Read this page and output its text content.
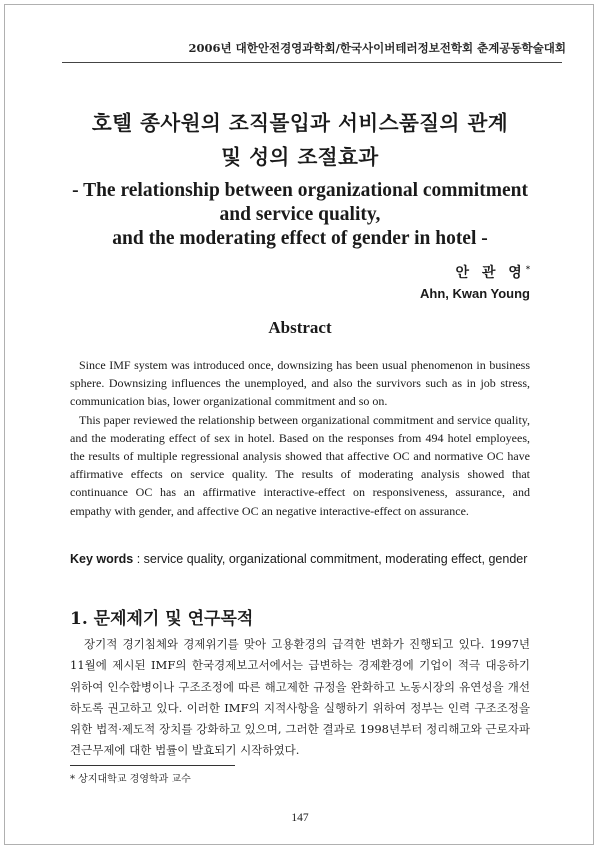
2006년 대한안전경영과학회/한국사이버테러정보전학회 춘계공동학술대회
호텔 종사원의 조직몰입과 서비스품질의 관계
및 성의 조절효과
- The relationship between organizational commitment
and service quality,
and the moderating effect of gender in hotel -
안 관 영*
Ahn, Kwan Young
Abstract

Since IMF system was introduced once, downsizing has been usual phenomenon in business sphere. Downsizing influences the unemployed, and also the survivors such as in job stress, communication bias, lower organizational commitment and so on.

This paper reviewed the relationship between organizational commitment and service quality, and the moderating effect of sex in hotel. Based on the responses from 494 hotel employees, the results of multiple regressional analysis showed that affective OC and normative OC have affirmative effects on service quality. The results of moderating analysis showed that continuance OC has an affirmative interactive-effect on responsiveness, assurance, and empathy with gender, and affective OC an negative interactive-effect on assurance.

Key words : service quality, organizational commitment, moderating effect, gender
1. 문제제기 및 연구목적

장기적 경기침체와 경제위기를 맞아 고용환경의 급격한 변화가 진행되고 있다. 1997년 11월에 제시된 IMF의 한국경제보고서에서는 급변하는 경제환경에 기업이 적극 대응하기 위하여 인수합병이나 구조조정에 따른 해고제한 규정을 완화하고 노동시장의 유연성을 개선하도록 권고하고 있다. 이러한 IMF의 지적사항을 실행하기 위하여 정부는 인력 구조조정을 위한 법적·제도적 장치를 강화하고 있으며, 그러한 결과로 1998년부터 정리해고와 근로자파견근무제에 대한 법률이 발효되기 시작하였다.

* 상지대학교 경영학과 교수
147
